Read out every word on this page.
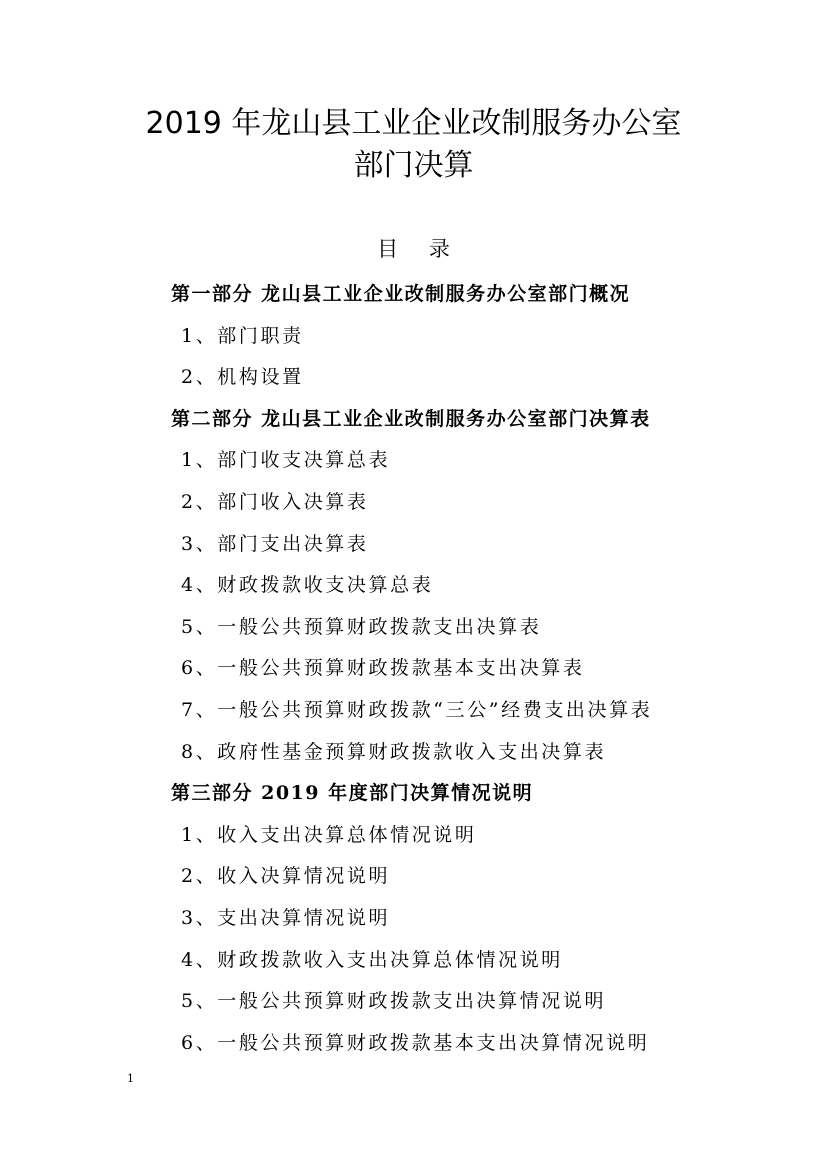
2019 年龙山县工业企业改制服务办公室
部门决算
目 录
第一部分 龙山县工业企业改制服务办公室部门概况
1、部门职责
2、机构设置
第二部分 龙山县工业企业改制服务办公室部门决算表
1、部门收支决算总表
2、部门收入决算表
3、部门支出决算表
4、财政拨款收支决算总表
5、一般公共预算财政拨款支出决算表
6、一般公共预算财政拨款基本支出决算表
7、一般公共预算财政拨款“三公”经费支出决算表
8、政府性基金预算财政拨款收入支出决算表
第三部分 2019 年度部门决算情况说明
1、收入支出决算总体情况说明
2、收入决算情况说明
3、支出决算情况说明
4、财政拨款收入支出决算总体情况说明
5、一般公共预算财政拨款支出决算情况说明
6、一般公共预算财政拨款基本支出决算情况说明
1
